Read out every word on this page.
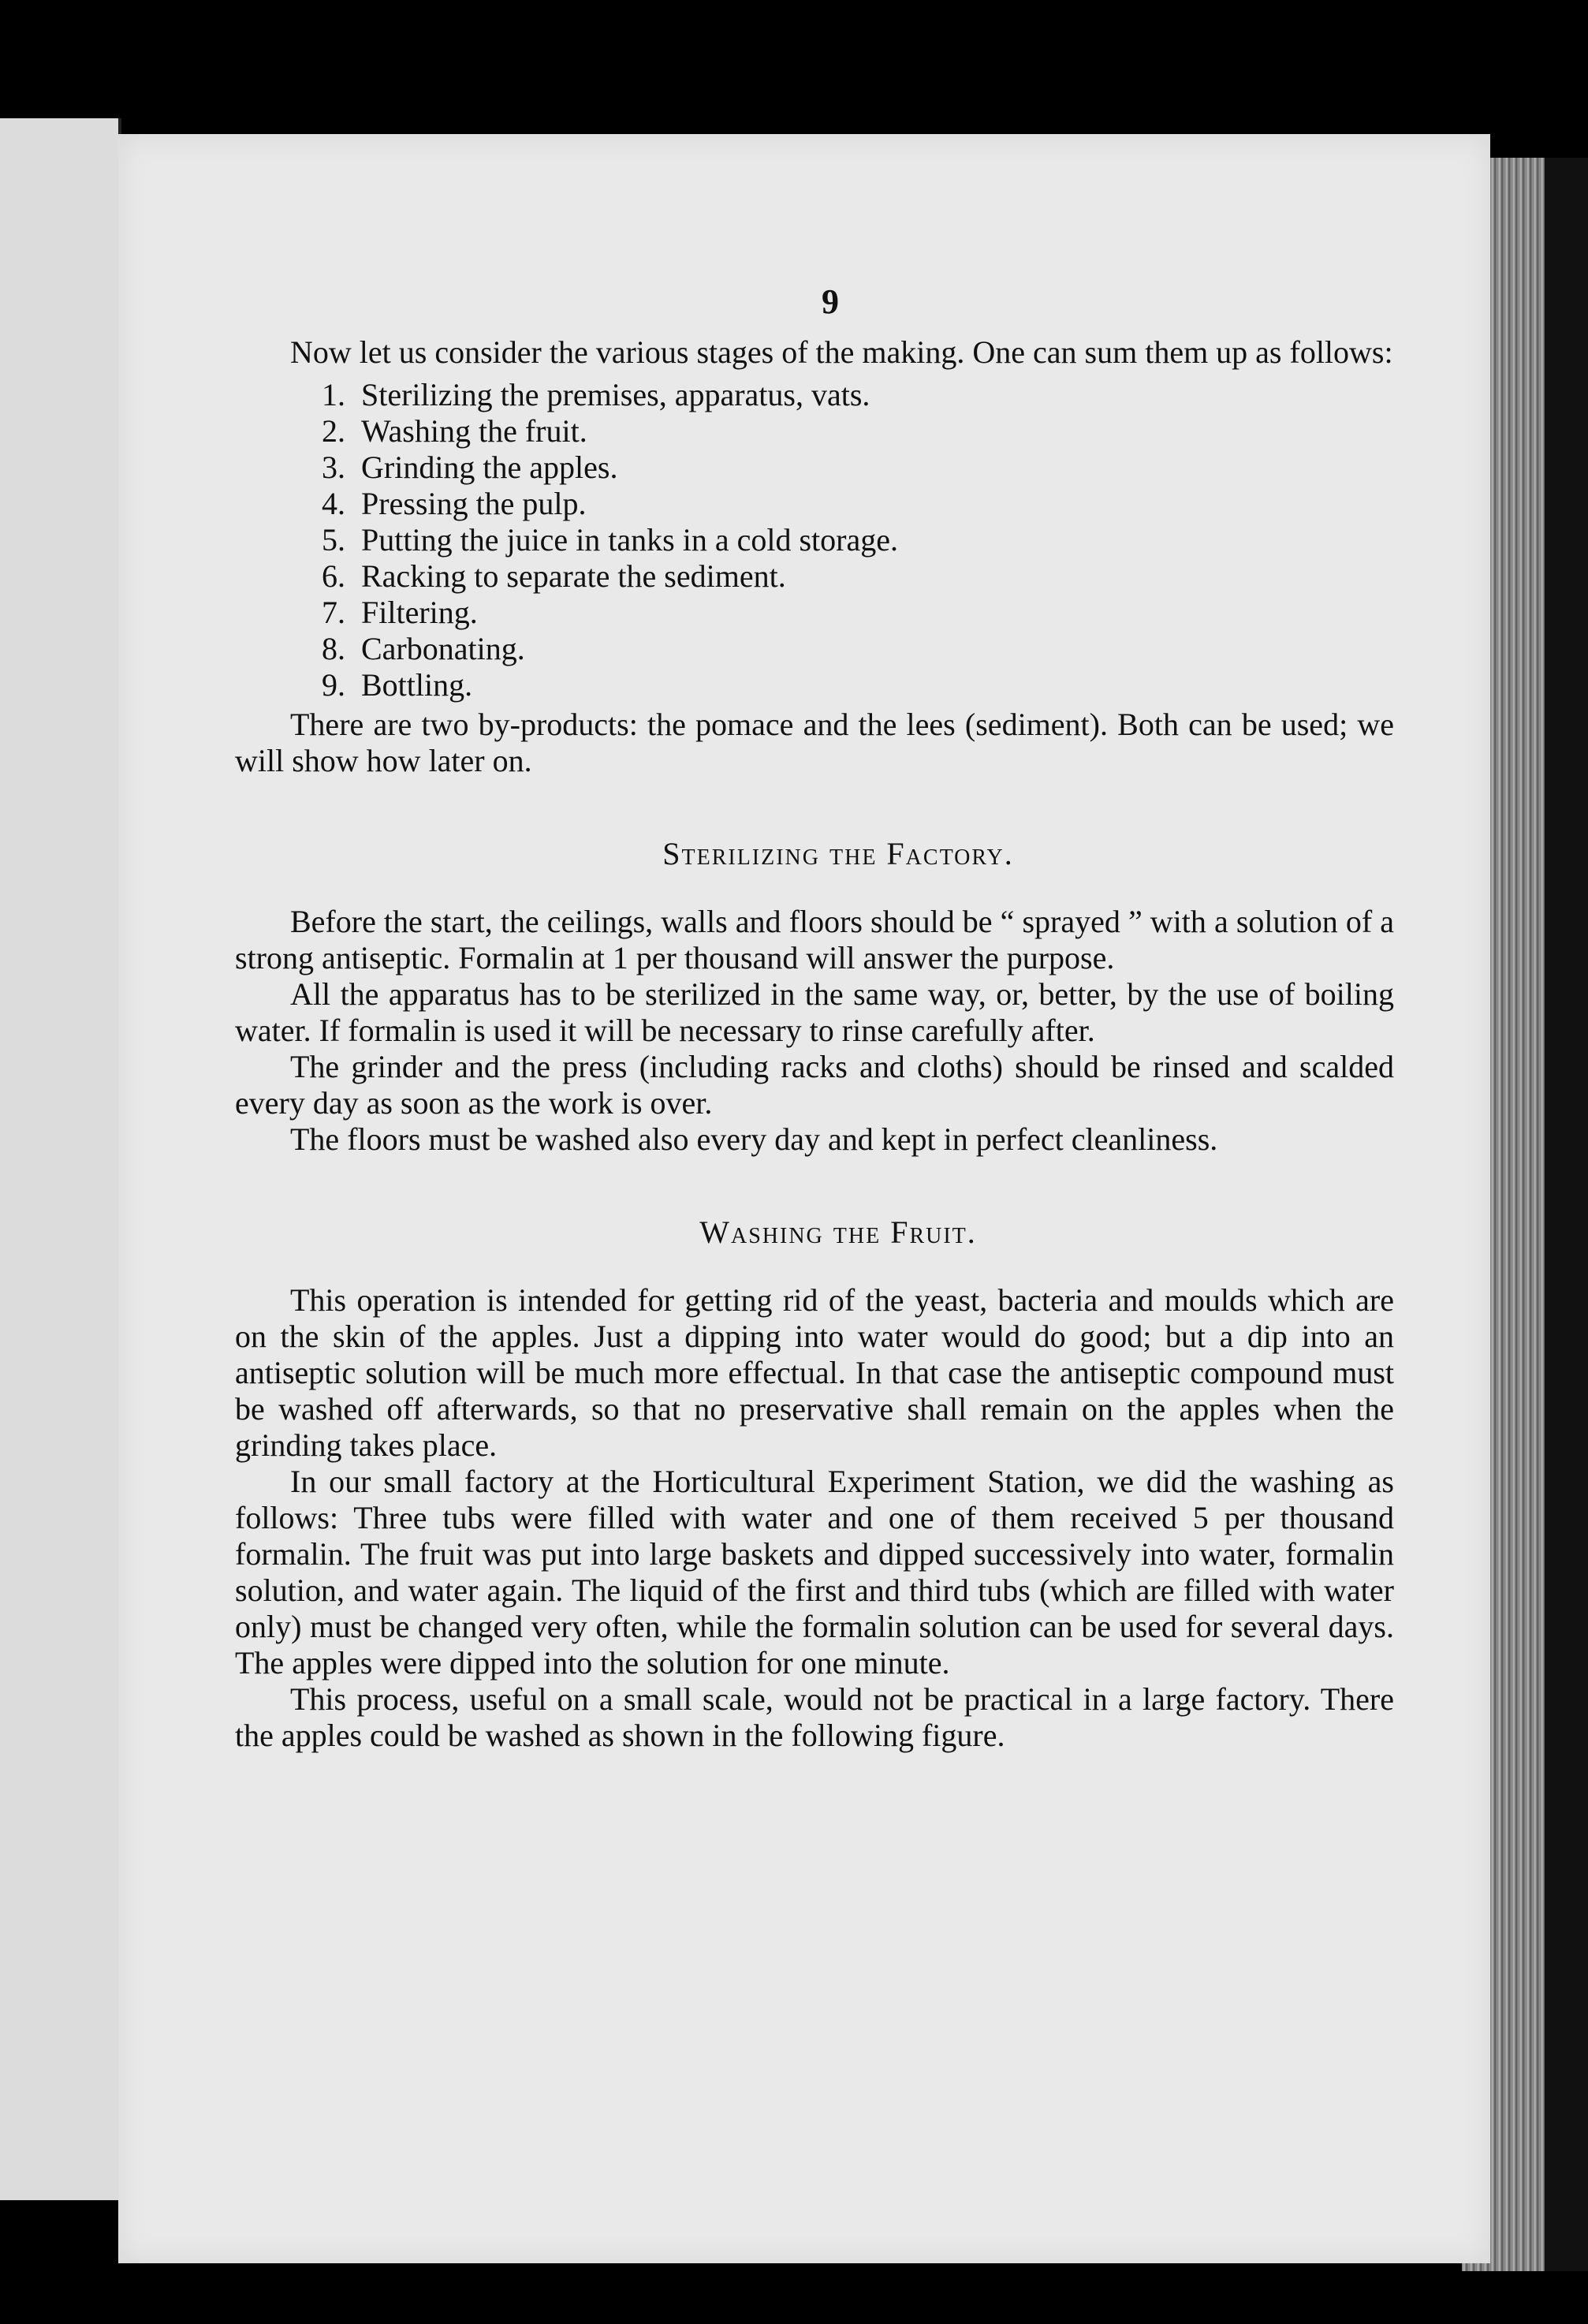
9

Now let us consider the various stages of the making. One can sum them up as follows:

1. Sterilizing the premises, apparatus, vats.
2. Washing the fruit.
3. Grinding the apples.
4. Pressing the pulp.
5. Putting the juice in tanks in a cold storage.
6. Racking to separate the sediment.
7. Filtering.
8. Carbonating.
9. Bottling.

There are two by-products: the pomace and the lees (sediment). Both can be used; we will show how later on.

Sterilizing the Factory.

Before the start, the ceilings, walls and floors should be “ sprayed ” with a solution of a strong antiseptic. Formalin at 1 per thousand will answer the purpose.

All the apparatus has to be sterilized in the same way, or, better, by the use of boiling water. If formalin is used it will be necessary to rinse carefully after.

The grinder and the press (including racks and cloths) should be rinsed and scalded every day as soon as the work is over.

The floors must be washed also every day and kept in perfect cleanliness.

Washing the Fruit.

This operation is intended for getting rid of the yeast, bacteria and moulds which are on the skin of the apples. Just a dipping into water would do good; but a dip into an antiseptic solution will be much more effectual. In that case the antiseptic compound must be washed off afterwards, so that no preservative shall remain on the apples when the grinding takes place.

In our small factory at the Horticultural Experiment Station, we did the washing as follows: Three tubs were filled with water and one of them received 5 per thousand formalin. The fruit was put into large baskets and dipped successively into water, formalin solution, and water again. The liquid of the first and third tubs (which are filled with water only) must be changed very often, while the formalin solution can be used for several days. The apples were dipped into the solution for one minute.

This process, useful on a small scale, would not be practical in a large factory. There the apples could be washed as shown in the following figure.
